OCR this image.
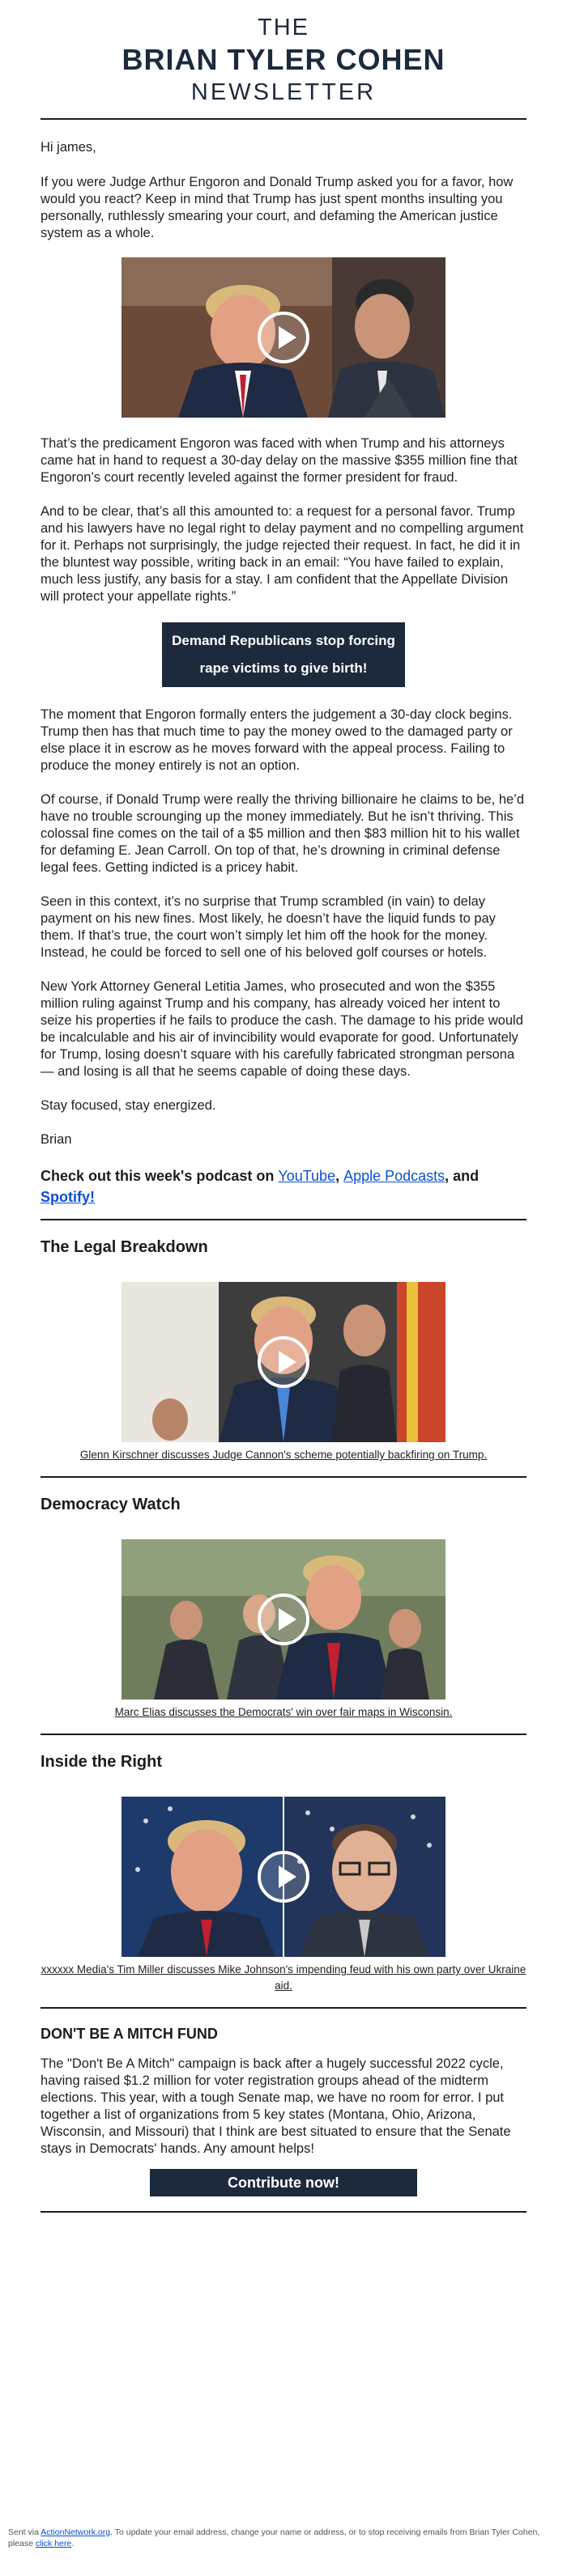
THE
BRIAN TYLER COHEN
NEWSLETTER

Hi james,

If you were Judge Arthur Engoron and Donald Trump asked you for a favor, how would you react? Keep in mind that Trump has just spent months insulting you personally, ruthlessly smearing your court, and defaming the American justice system as a whole.

That’s the predicament Engoron was faced with when Trump and his attorneys came hat in hand to request a 30-day delay on the massive $355 million fine that Engoron’s court recently leveled against the former president for fraud.

And to be clear, that’s all this amounted to: a request for a personal favor. Trump and his lawyers have no legal right to delay payment and no compelling argument for it. Perhaps not surprisingly, the judge rejected their request. In fact, he did it in the bluntest way possible, writing back in an email: “You have failed to explain, much less justify, any basis for a stay. I am confident that the Appellate Division will protect your appellate rights.”

Demand Republicans stop forcing rape victims to give birth!

The moment that Engoron formally enters the judgement a 30-day clock begins. Trump then has that much time to pay the money owed to the damaged party or else place it in escrow as he moves forward with the appeal process. Failing to produce the money entirely is not an option.

Of course, if Donald Trump were really the thriving billionaire he claims to be, he’d have no trouble scrounging up the money immediately. But he isn’t thriving. This colossal fine comes on the tail of a $5 million and then $83 million hit to his wallet for defaming E. Jean Carroll. On top of that, he’s drowning in criminal defense legal fees. Getting indicted is a pricey habit.

Seen in this context, it’s no surprise that Trump scrambled (in vain) to delay payment on his new fines. Most likely, he doesn’t have the liquid funds to pay them. If that’s true, the court won’t simply let him off the hook for the money. Instead, he could be forced to sell one of his beloved golf courses or hotels.

New York Attorney General Letitia James, who prosecuted and won the $355 million ruling against Trump and his company, has already voiced her intent to seize his properties if he fails to produce the cash. The damage to his pride would be incalculable and his air of invincibility would evaporate for good. Unfortunately for Trump, losing doesn’t square with his carefully fabricated strongman persona — and losing is all that he seems capable of doing these days.

Stay focused, stay energized.

Brian

Check out this week's podcast on YouTube, Apple Podcasts, and Spotify!

The Legal Breakdown
Glenn Kirschner discusses Judge Cannon's scheme potentially backfiring on Trump.
Democracy Watch
Marc Elias discusses the Democrats' win over fair maps in Wisconsin.
Inside the Right
xxxxxx Media's Tim Miller discusses Mike Johnson's impending feud with his own party over Ukraine aid.
DON'T BE A MITCH FUND

The "Don't Be A Mitch" campaign is back after a hugely successful 2022 cycle, having raised $1.2 million for voter registration groups ahead of the midterm elections. This year, with a tough Senate map, we have no room for error. I put together a list of organizations from 5 key states (Montana, Ohio, Arizona, Wisconsin, and Missouri) that I think are best situated to ensure that the Senate stays in Democrats' hands. Any amount helps!

Contribute now!
Sent via ActionNetwork.org. To update your email address, change your name or address, or to stop receiving emails from Brian Tyler Cohen, please click here.
